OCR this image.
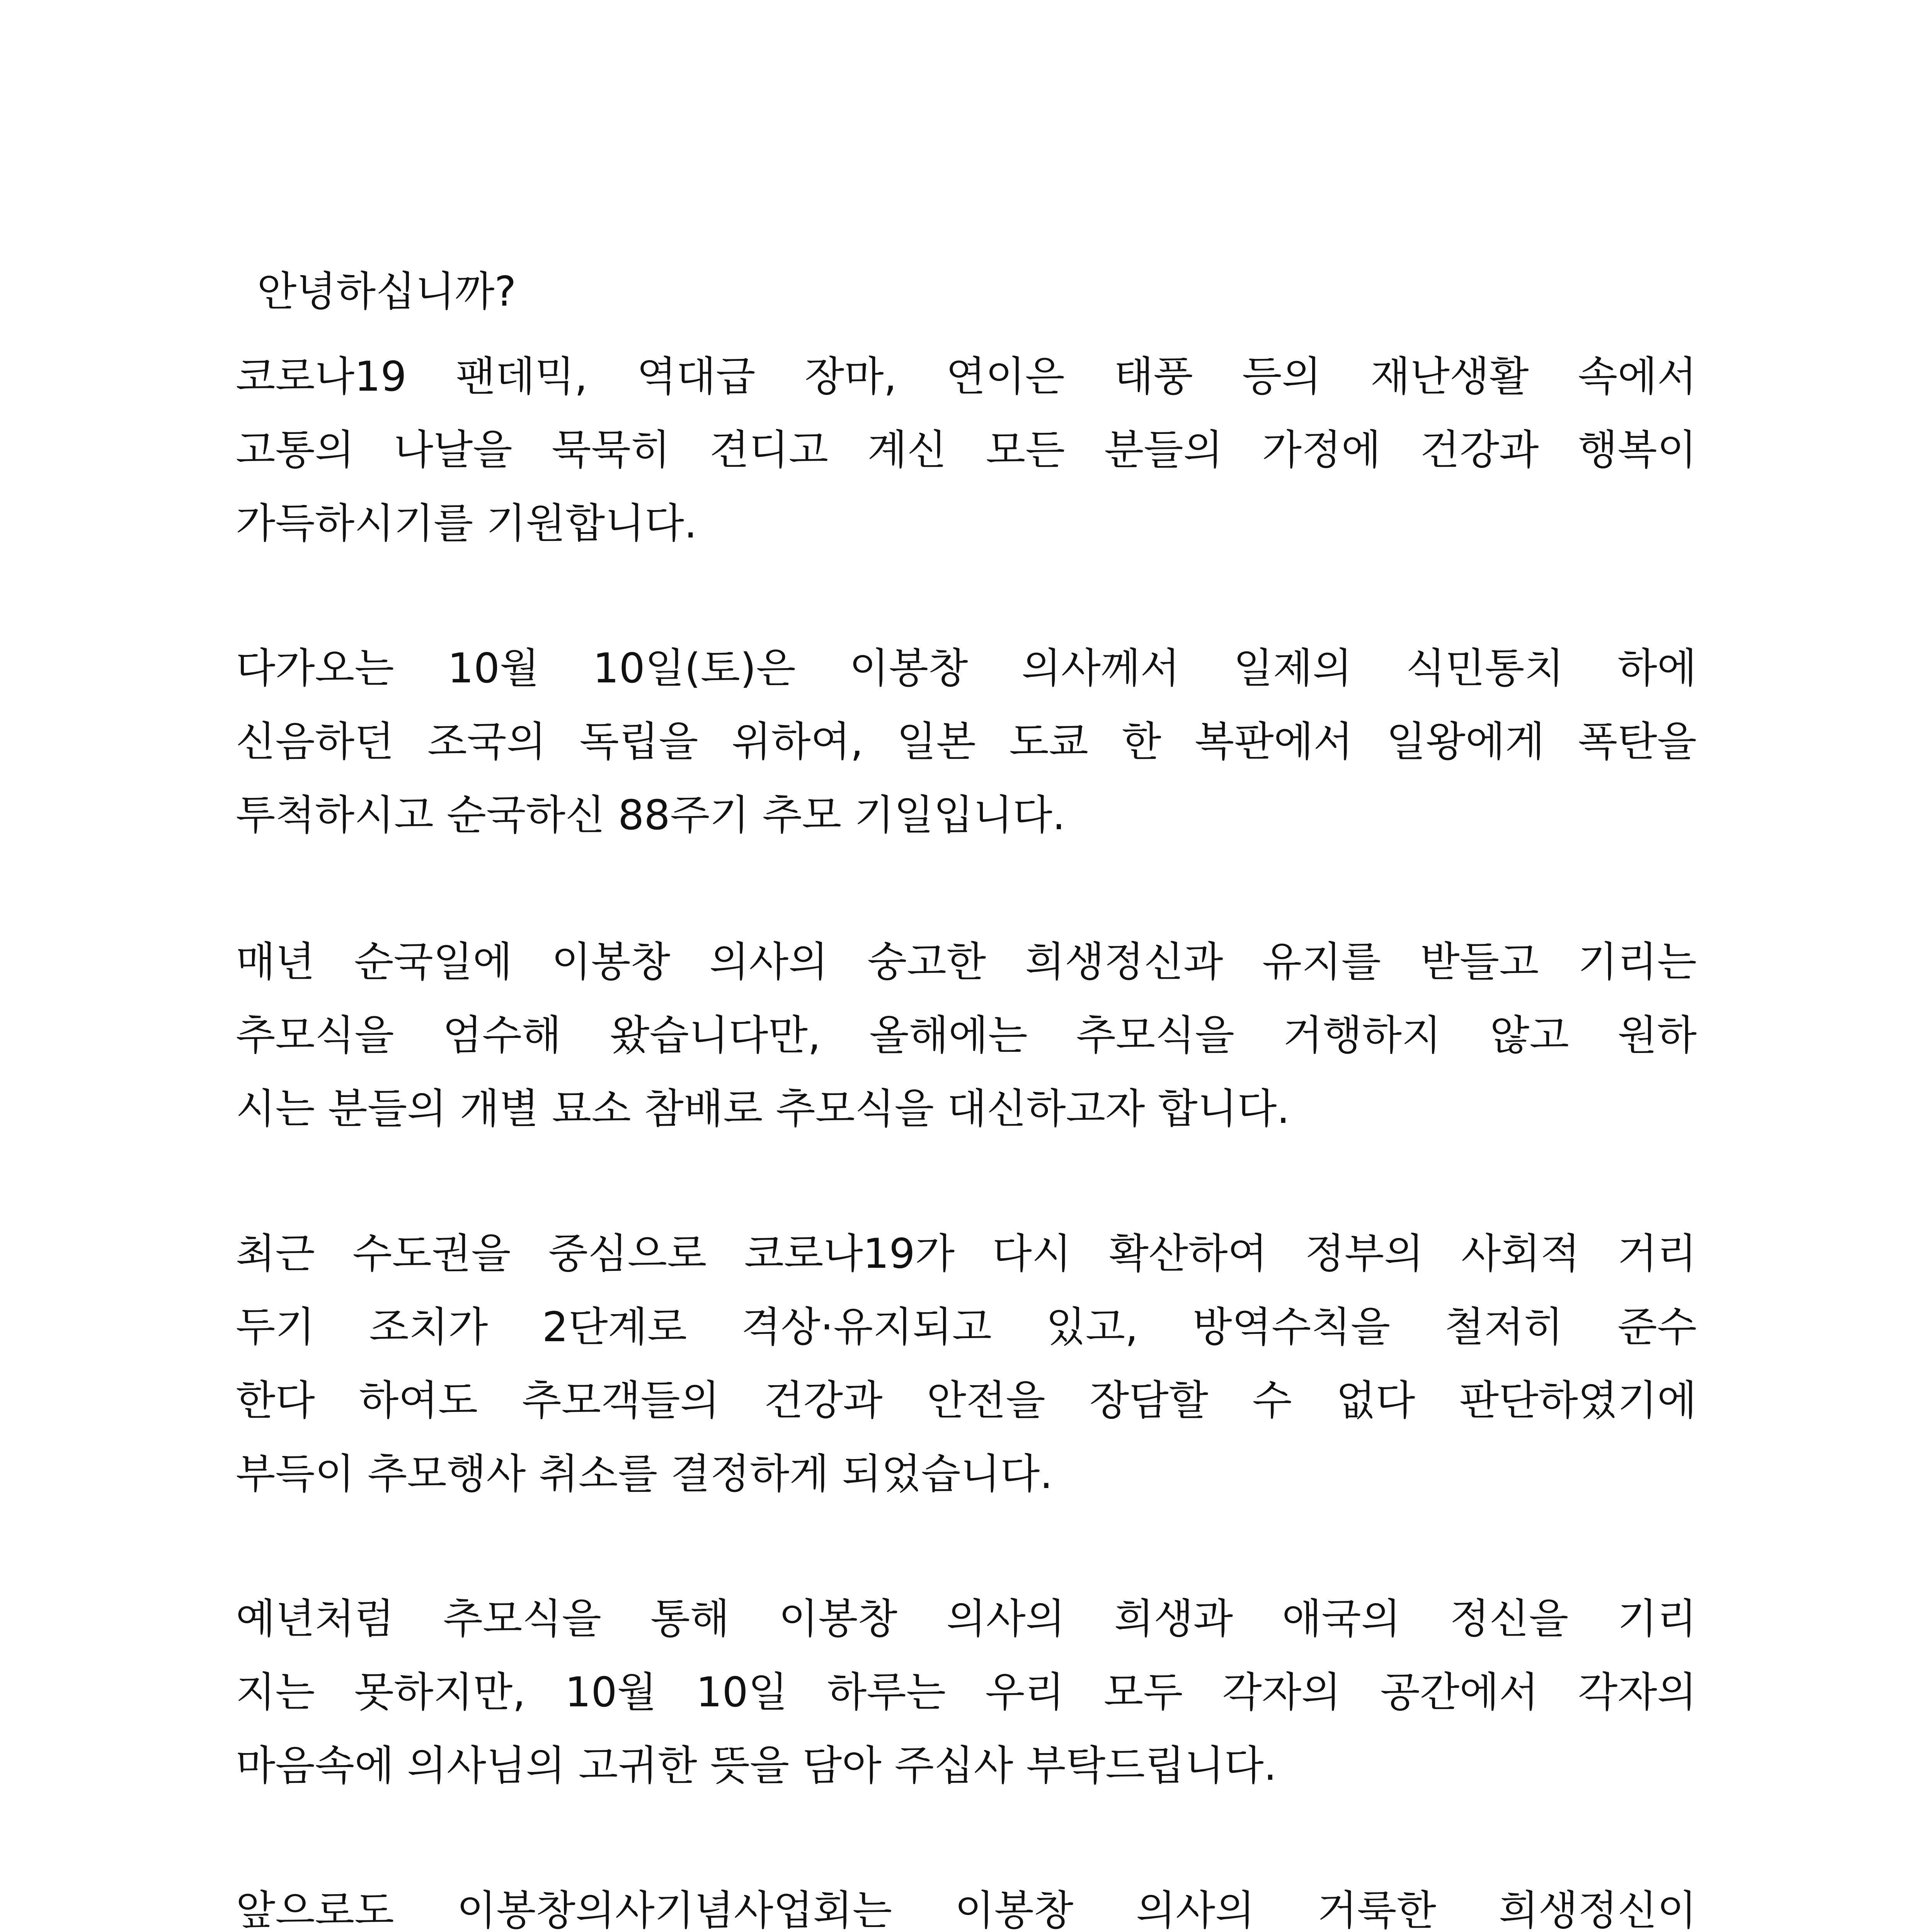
안녕하십니까?
코로나19 팬데믹, 역대급 장마, 연이은 태풍 등의 재난생활 속에서
고통의 나날을 묵묵히 견디고 계신 모든 분들의 가정에 건강과 행복이
가득하시기를 기원합니다.
다가오는 10월 10일(토)은 이봉창 의사께서 일제의 식민통치 하에
신음하던 조국의 독립을 위하여, 일본 도쿄 한 복판에서 일왕에게 폭탄을
투척하시고 순국하신 88주기 추모 기일입니다.
매년 순국일에 이봉창 의사의 숭고한 희생정신과 유지를 받들고 기리는
추모식을 엄수해 왔습니다만, 올해에는 추모식을 거행하지 않고 원하
시는 분들의 개별 묘소 참배로 추모식을 대신하고자 합니다.
최근 수도권을 중심으로 코로나19가 다시 확산하여 정부의 사회적 거리
두기 조치가 2단계로 격상·유지되고 있고, 방역수칙을 철저히 준수
한다 하여도 추모객들의 건강과 안전을 장담할 수 없다 판단하였기에
부득이 추모행사 취소를 결정하게 되었습니다.
예년처럼 추모식을 통해 이봉창 의사의 희생과 애국의 정신을 기리
지는 못하지만, 10월 10일 하루는 우리 모두 각자의 공간에서 각자의
마음속에 의사님의 고귀한 뜻을 담아 주십사 부탁드립니다.
앞으로도 이봉창의사기념사업회는 이봉창 의사의 거룩한 희생정신이
